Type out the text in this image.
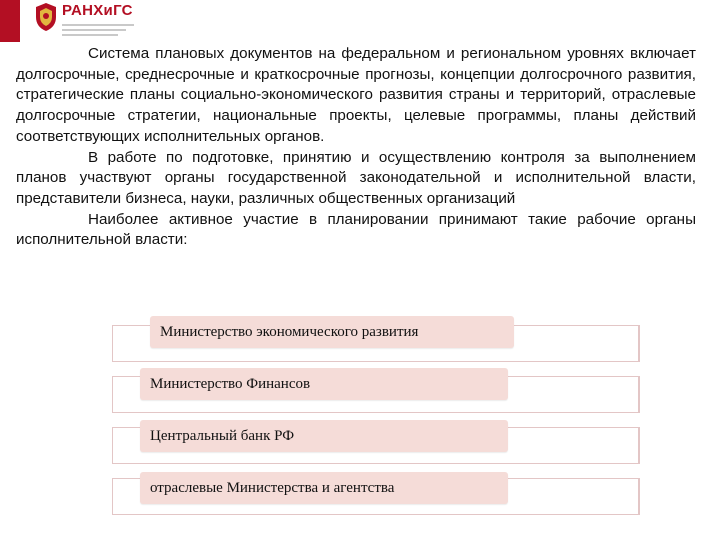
РАНХиГС

Система плановых документов на федеральном и региональном уровнях включает долгосрочные, среднесрочные и краткосрочные прогнозы, концепции долгосрочного развития, стратегические планы социально-экономического развития страны и территорий, отраслевые долгосрочные стратегии, национальные проекты, целевые программы, планы действий соответствующих исполнительных органов.

В работе по подготовке, принятию и осуществлению контроля за выполнением планов участвуют органы государственной законодательной и исполнительной власти, представители бизнеса, науки, различных общественных организаций

Наиболее активное участие в планировании принимают такие рабочие органы исполнительной власти:

Министерство экономического развития
Министерство Финансов
Центральный банк РФ
отраслевые Министерства и агентства
